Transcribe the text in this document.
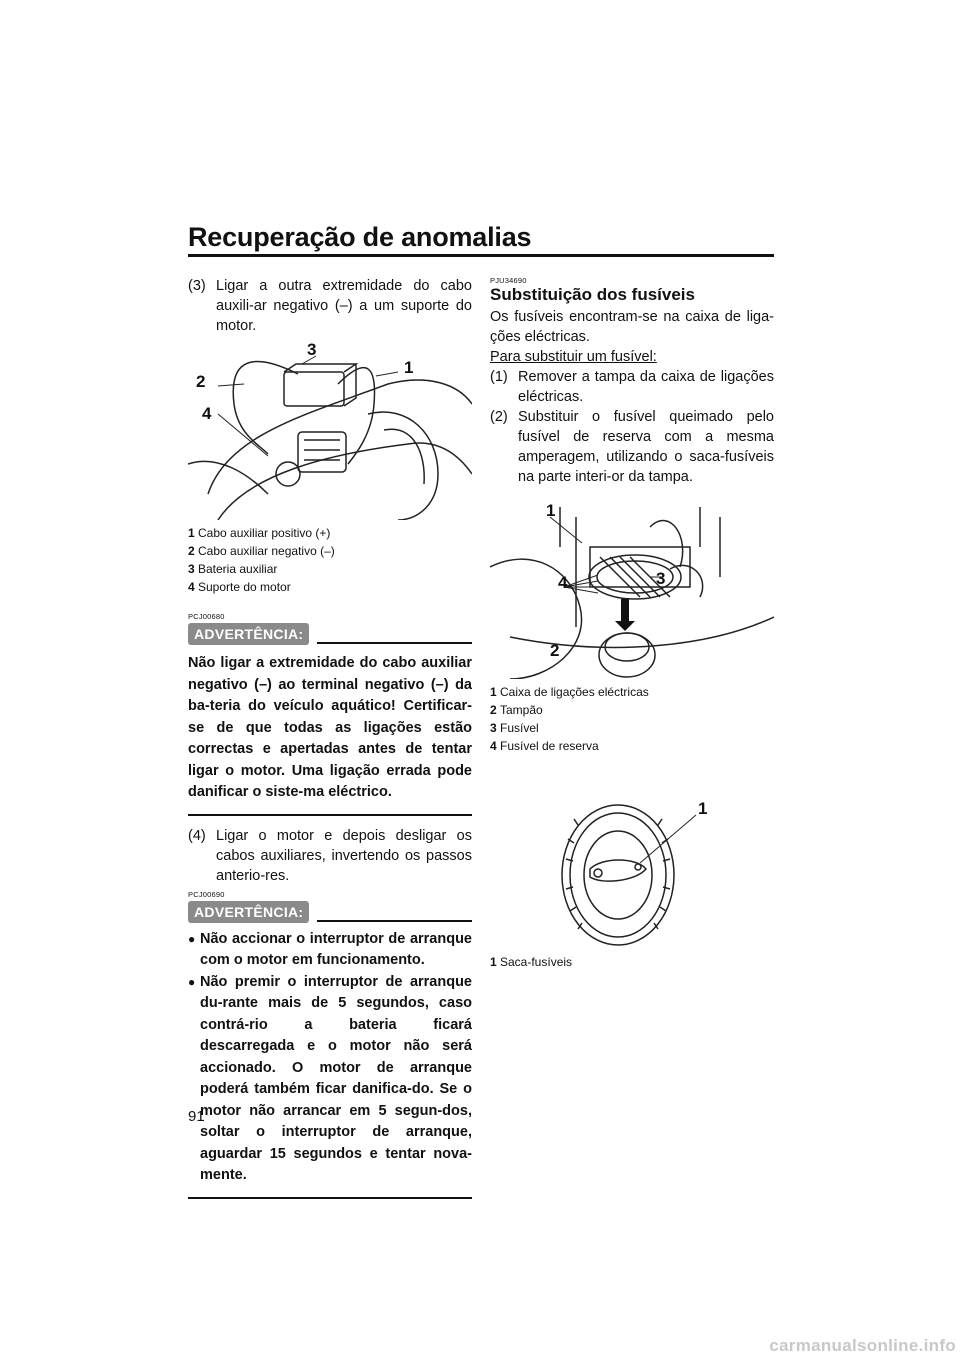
Recuperação de anomalias
(3) Ligar a outra extremidade do cabo auxili-ar negativo (–) a um suporte do motor.
3
1
2
4
1 Cabo auxiliar positivo (+)
2 Cabo auxiliar negativo (–)
3 Bateria auxiliar
4 Suporte do motor
PCJ00680
ADVERTÊNCIA:
Não ligar a extremidade do cabo auxiliar negativo (–) ao terminal negativo (–) da ba-teria do veículo aquático! Certificar-se de que todas as ligações estão correctas e apertadas antes de tentar ligar o motor. Uma ligação errada pode danificar o siste-ma eléctrico.
(4) Ligar o motor e depois desligar os cabos auxiliares, invertendo os passos anterio-res.
PCJ00690
ADVERTÊNCIA:
● Não accionar o interruptor de arranque com o motor em funcionamento.
● Não premir o interruptor de arranque du-rante mais de 5 segundos, caso contrá-rio a bateria ficará descarregada e o motor não será accionado. O motor de arranque poderá também ficar danifica-do. Se o motor não arrancar em 5 segun-dos, soltar o interruptor de arranque, aguardar 15 segundos e tentar nova-mente.
PJU34690
Substituição dos fusíveis

Os fusíveis encontram-se na caixa de liga-ções eléctricas.

Para substituir um fusível:

(1) Remover a tampa da caixa de ligações eléctricas.
(2) Substituir o fusível queimado pelo fusível de reserva com a mesma amperagem, utilizando o saca-fusíveis na parte interi-or da tampa.
1
4	3
2
1 Caixa de ligações eléctricas
2 Tampão
3 Fusível
4 Fusível de reserva
1
1 Saca-fusíveis
91
carmanualsonline.info
